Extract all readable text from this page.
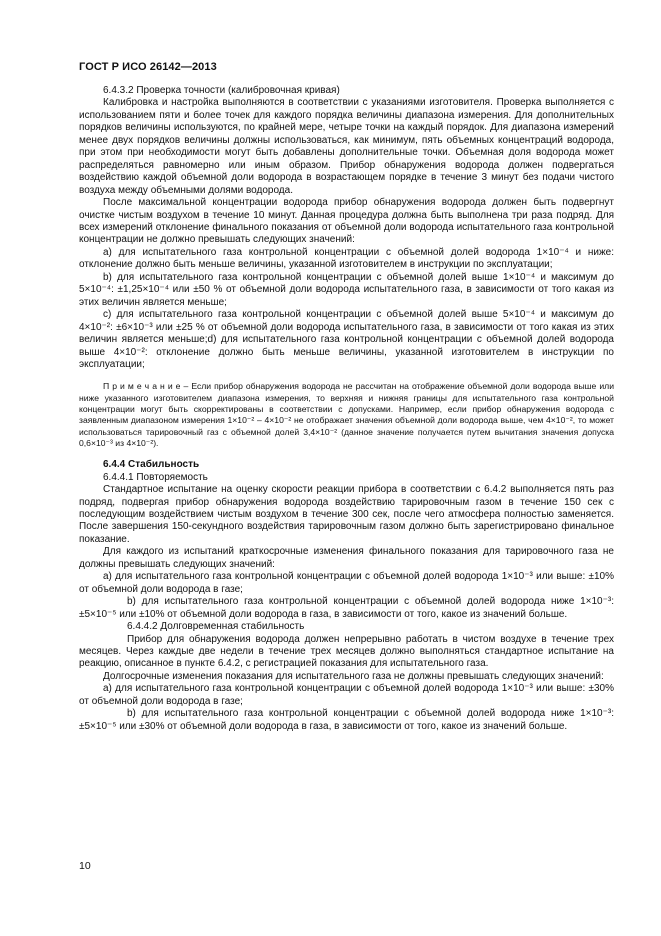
ГОСТ Р ИСО 26142—2013

6.4.3.2 Проверка точности (калибровочная кривая)

Калибровка и настройка выполняются в соответствии с указаниями изготовителя. Проверка выполняется с использованием пяти и более точек для каждого порядка величины диапазона измерения. Для дополнительных порядков величины используются, по крайней мере, четыре точки на каждый порядок. Для диапазона измерений менее двух порядков величины должны использоваться, как минимум, пять объемных концентраций водорода, при этом при необходимости могут быть добавлены дополнительные точки. Объемная доля водорода может распределяться равномерно или иным образом. Прибор обнаружения водорода должен подвергаться воздействию каждой объемной доли водорода в возрастающем порядке в течение 3 минут без подачи чистого воздуха между объемными долями водорода.

После максимальной концентрации водорода прибор обнаружения водорода должен быть подвергнут очистке чистым воздухом в течение 10 минут. Данная процедура должна быть выполнена три раза подряд. Для всех измерений отклонение финального показания от объемной доли водорода испытательного газа контрольной концентрации не должно превышать следующих значений:

а) для испытательного газа контрольной концентрации с объемной долей водорода 1×10⁻⁴ и ниже: отклонение должно быть меньше величины, указанной изготовителем в инструкции по эксплуатации;

b) для испытательного газа контрольной концентрации с объемной долей выше 1×10⁻⁴ и максимум до 5×10⁻⁴: ±1,25×10⁻⁴ или ±50 % от объемной доли водорода испытательного газа, в зависимости от того какая из этих величин является меньше;

c) для испытательного газа контрольной концентрации с объемной долей выше 5×10⁻⁴ и максимум до 4×10⁻²: ±6×10⁻³ или ±25 % от объемной доли водорода испытательного газа, в зависимости от того какая из этих величин является меньше;d) для испытательного газа контрольной концентрации с объемной долей водорода выше 4×10⁻²: отклонение должно быть меньше величины, указанной изготовителем в инструкции по эксплуатации;

П р и м е ч а н и е – Если прибор обнаружения водорода не рассчитан на отображение объемной доли водорода выше или ниже указанного изготовителем диапазона измерения, то верхняя и нижняя границы для испытательного газа контрольной концентрации могут быть скорректированы в соответствии с допусками. Например, если прибор обнаружения водорода с заявленным диапазоном измерения 1×10⁻² – 4×10⁻² не отображает значения объемной доли водорода выше, чем 4×10⁻², то может использоваться тарировочный газ с объемной долей 3,4×10⁻² (данное значение получается путем вычитания значения допуска 0,6×10⁻³ из 4×10⁻²).

6.4.4 Стабильность

6.4.4.1 Повторяемость

Стандартное испытание на оценку скорости реакции прибора в соответствии с 6.4.2 выполняется пять раз подряд, подвергая прибор обнаружения водорода воздействию тарировочным газом в течение 150 сек с последующим воздействием чистым воздухом в течение 300 сек, после чего атмосфера полностью заменяется. После завершения 150-секундного воздействия тарировочным газом должно быть зарегистрировано финальное показание.

Для каждого из испытаний краткосрочные изменения финального показания для тарировочного газа не должны превышать следующих значений:

а) для испытательного газа контрольной концентрации с объемной долей водорода 1×10⁻³ или выше: ±10% от объемной доли водорода в газе;

b) для испытательного газа контрольной концентрации с объемной долей водорода ниже 1×10⁻³: ±5×10⁻⁵ или ±10% от объемной доли водорода в газа, в зависимости от того, какое из значений больше.

6.4.4.2 Долговременная стабильность

Прибор для обнаружения водорода должен непрерывно работать в чистом воздухе в течение трех месяцев. Через каждые две недели в течение трех месяцев должно выполняться стандартное испытание на реакцию, описанное в пункте 6.4.2, с регистрацией показания для испытательного газа.

Долгосрочные изменения показания для испытательного газа не должны превышать следующих значений:

а) для испытательного газа контрольной концентрации с объемной долей водорода 1×10⁻³ или выше: ±30% от объемной доли водорода в газе;

b) для испытательного газа контрольной концентрации с объемной долей водорода ниже 1×10⁻³: ±5×10⁻⁵ или ±30% от объемной доли водорода в газа, в зависимости от того, какое из значений больше.

10
